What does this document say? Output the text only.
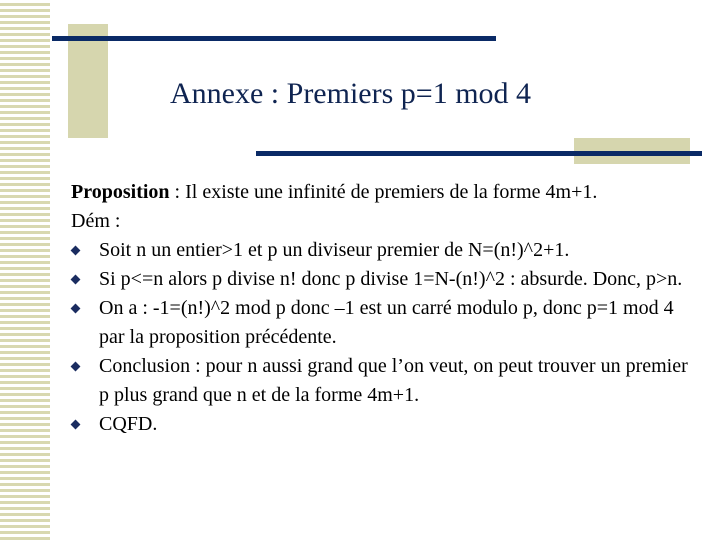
Annexe : Premiers p=1 mod 4

Proposition : Il existe une infinité de premiers de la forme 4m+1.

Dém :

Soit n un entier>1 et p un diviseur premier de N=(n!)^2+1.
Si p<=n alors p divise n! donc p divise 1=N-(n!)^2 : absurde. Donc, p>n.
On a : -1=(n!)^2 mod p donc –1 est un carré modulo p, donc p=1 mod 4 par la proposition précédente.
Conclusion : pour n aussi grand que l’on veut, on peut trouver un premier p plus grand que n et de la forme 4m+1.
CQFD.
